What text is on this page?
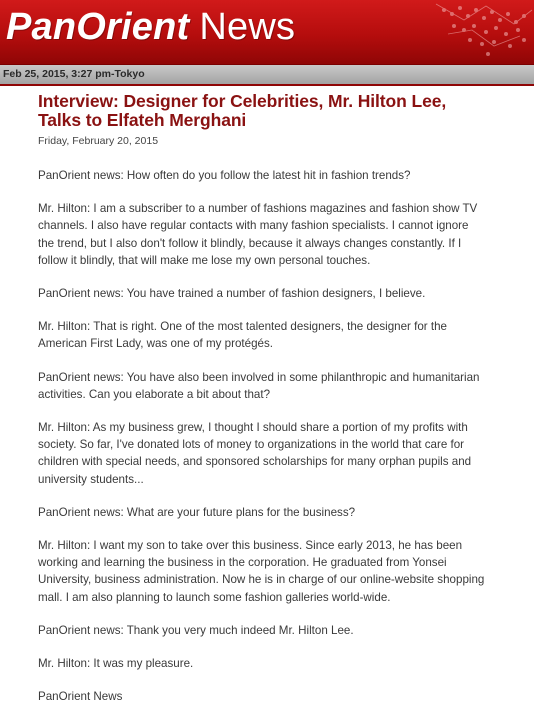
PanOrient News
Feb 25, 2015, 3:27 pm-Tokyo
Interview: Designer for Celebrities, Mr. Hilton Lee, Talks to Elfateh Merghani
Friday, February 20, 2015

PanOrient news: How often do you follow the latest hit in fashion trends?

Mr. Hilton: I am a subscriber to a number of fashions magazines and fashion show TV channels. I also have regular contacts with many fashion specialists. I cannot ignore the trend, but I also don't follow it blindly, because it always changes constantly. If I follow it blindly, that will make me lose my own personal touches.

PanOrient news: You have trained a number of fashion designers, I believe.

Mr. Hilton: That is right. One of the most talented designers, the designer for the American First Lady, was one of my protégés.

PanOrient news: You have also been involved in some philanthropic and humanitarian activities. Can you elaborate a bit about that?

Mr. Hilton: As my business grew, I thought I should share a portion of my profits with society. So far, I've donated lots of money to organizations in the world that care for children with special needs, and sponsored scholarships for many orphan pupils and university students...

PanOrient news: What are your future plans for the business?

Mr. Hilton: I want my son to take over this business. Since early 2013, he has been working and learning the business in the corporation. He graduated from Yonsei University, business administration. Now he is in charge of our online-website shopping mall. I am also planning to launch some fashion galleries world-wide.

PanOrient news: Thank you very much indeed Mr. Hilton Lee.

Mr. Hilton: It was my pleasure.

PanOrient News
